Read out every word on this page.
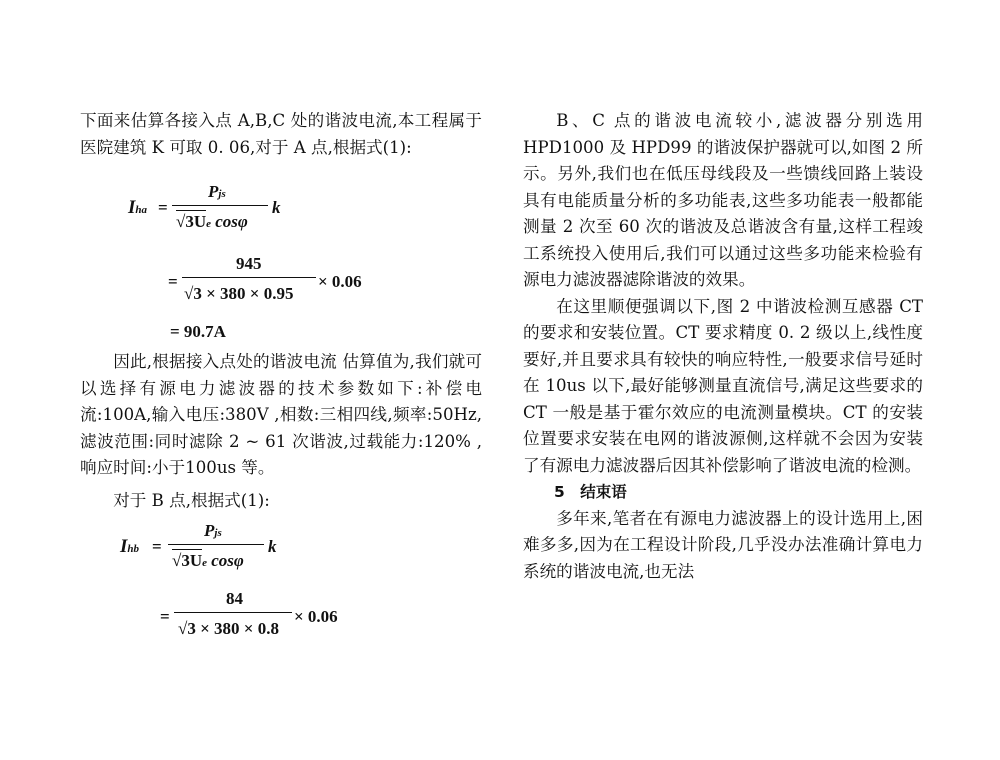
下面来估算各接入点 A,B,C 处的谐波电流,本工程属于医院建筑 K 可取 0. 06,对于 A 点,根据式(1):

Iha =
Pjs
√3Ue cosφ
k
=
945
√3 × 380 × 0.95
× 0.06
= 90.7A

因此,根据接入点处的谐波电流 估算值为,我们就可以选择有源电力滤波器的技术参数如下:补偿电流:100A,输入电压:380V ,相数:三相四线,频率:50Hz,滤波范围:同时滤除 2 ~ 61 次谐波,过载能力:120% ,响应时间:小于100us 等。

对于 B 点,根据式(1):

Ihb =
Pjs
√3Ue cosφ
k
=
84
√3 × 380 × 0.8
× 0.06

B、C 点的谐波电流较小,滤波器分别选用HPD1000 及 HPD99 的谐波保护器就可以,如图 2 所示。另外,我们也在低压母线段及一些馈线回路上装设具有电能质量分析的多功能表,这些多功能表一般都能测量 2 次至 60 次的谐波及总谐波含有量,这样工程竣工系统投入使用后,我们可以通过这些多功能来检验有源电力滤波器滤除谐波的效果。

在这里顺便强调以下,图 2 中谐波检测互感器 CT 的要求和安装位置。CT 要求精度 0. 2 级以上,线性度要好,并且要求具有较快的响应特性,一般要求信号延时在 10us 以下,最好能够测量直流信号,满足这些要求的 CT 一般是基于霍尔效应的电流测量模块。CT 的安装位置要求安装在电网的谐波源侧,这样就不会因为安装了有源电力滤波器后因其补偿影响了谐波电流的检测。

5　结束语

多年来,笔者在有源电力滤波器上的设计选用上,困难多多,因为在工程设计阶段,几乎没办法准确计算电力系统的谐波电流,也无法
